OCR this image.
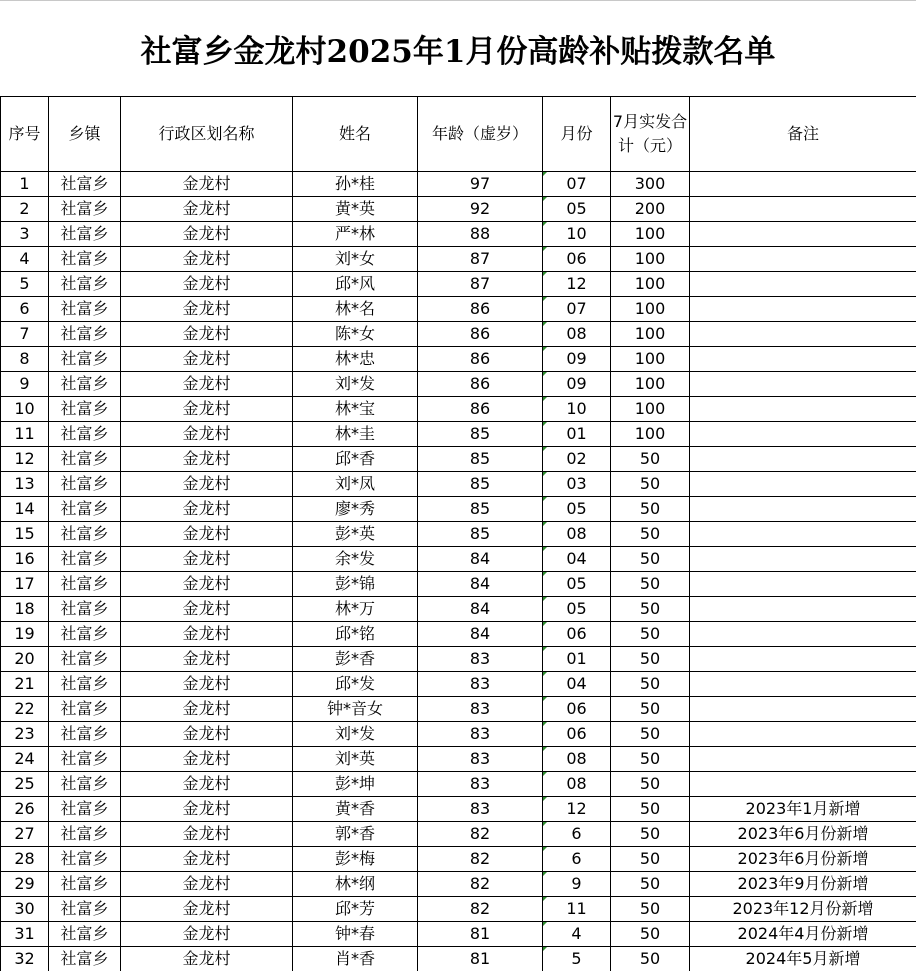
社富乡金龙村2025年1月份高龄补贴拨款名单
序号	乡镇	行政区划名称	姓名	年龄（虚岁）	月份	7月实发合计（元）	备注
1	社富乡	金龙村	孙*桂	97	07	300	
2	社富乡	金龙村	黄*英	92	05	200	
3	社富乡	金龙村	严*林	88	10	100	
4	社富乡	金龙村	刘*女	87	06	100	
5	社富乡	金龙村	邱*风	87	12	100	
6	社富乡	金龙村	林*名	86	07	100	
7	社富乡	金龙村	陈*女	86	08	100	
8	社富乡	金龙村	林*忠	86	09	100	
9	社富乡	金龙村	刘*发	86	09	100	
10	社富乡	金龙村	林*宝	86	10	100	
11	社富乡	金龙村	林*圭	85	01	100	
12	社富乡	金龙村	邱*香	85	02	50	
13	社富乡	金龙村	刘*凤	85	03	50	
14	社富乡	金龙村	廖*秀	85	05	50	
15	社富乡	金龙村	彭*英	85	08	50	
16	社富乡	金龙村	余*发	84	04	50	
17	社富乡	金龙村	彭*锦	84	05	50	
18	社富乡	金龙村	林*万	84	05	50	
19	社富乡	金龙村	邱*铭	84	06	50	
20	社富乡	金龙村	彭*香	83	01	50	
21	社富乡	金龙村	邱*发	83	04	50	
22	社富乡	金龙村	钟*音女	83	06	50	
23	社富乡	金龙村	刘*发	83	06	50	
24	社富乡	金龙村	刘*英	83	08	50	
25	社富乡	金龙村	彭*坤	83	08	50	
26	社富乡	金龙村	黄*香	83	12	50	2023年1月新增
27	社富乡	金龙村	郭*香	82	6	50	2023年6月份新增
28	社富乡	金龙村	彭*梅	82	6	50	2023年6月份新增
29	社富乡	金龙村	林*纲	82	9	50	2023年9月份新增
30	社富乡	金龙村	邱*芳	82	11	50	2023年12月份新增
31	社富乡	金龙村	钟*春	81	4	50	2024年4月份新增
32	社富乡	金龙村	肖*香	81	5	50	2024年5月新增
